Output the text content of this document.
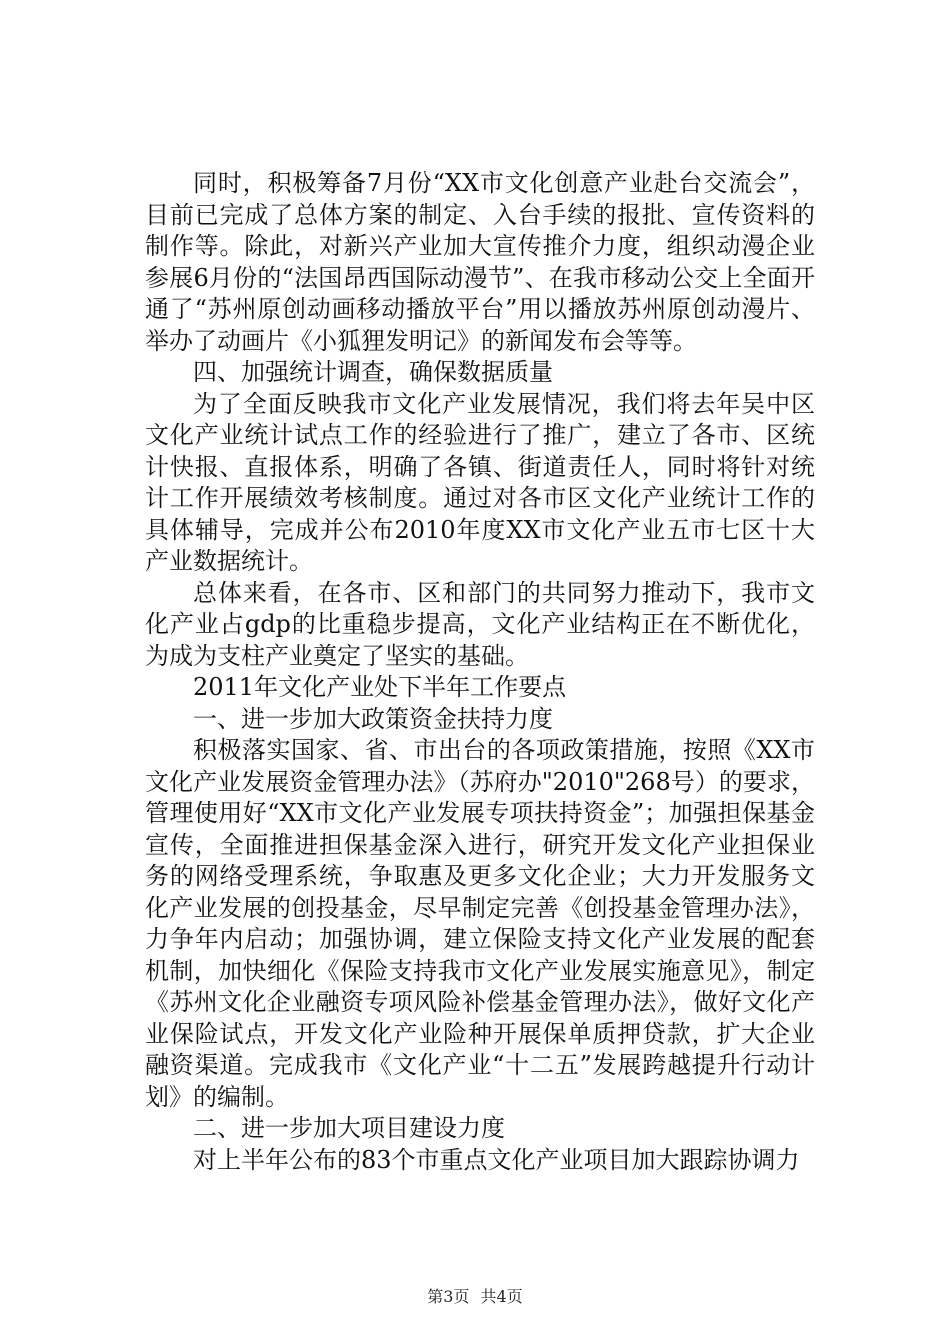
同时，积极筹备7月份“XX市文化创意产业赴台交流会”，目前已完成了总体方案的制定、入台手续的报批、宣传资料的制作等。除此，对新兴产业加大宣传推介力度，组织动漫企业参展6月份的“法国昂西国际动漫节”、在我市移动公交上全面开通了“苏州原创动画移动播放平台”用以播放苏州原创动漫片、举办了动画片《小狐狸发明记》的新闻发布会等等。

四、加强统计调查，确保数据质量

为了全面反映我市文化产业发展情况，我们将去年吴中区文化产业统计试点工作的经验进行了推广，建立了各市、区统计快报、直报体系，明确了各镇、街道责任人，同时将针对统计工作开展绩效考核制度。通过对各市区文化产业统计工作的具体辅导，完成并公布2010年度XX市文化产业五市七区十大产业数据统计。

总体来看，在各市、区和部门的共同努力推动下，我市文化产业占gdp的比重稳步提高，文化产业结构正在不断优化，为成为支柱产业奠定了坚实的基础。

2011年文化产业处下半年工作要点

一、进一步加大政策资金扶持力度

积极落实国家、省、市出台的各项政策措施，按照《XX市文化产业发展资金管理办法》（苏府办"2010"268号）的要求，管理使用好“XX市文化产业发展专项扶持资金”；加强担保基金宣传，全面推进担保基金深入进行，研究开发文化产业担保业务的网络受理系统，争取惠及更多文化企业；大力开发服务文化产业发展的创投基金，尽早制定完善《创投基金管理办法》，力争年内启动；加强协调，建立保险支持文化产业发展的配套机制，加快细化《保险支持我市文化产业发展实施意见》，制定《苏州文化企业融资专项风险补偿基金管理办法》，做好文化产业保险试点，开发文化产业险种开展保单质押贷款，扩大企业融资渠道。完成我市《文化产业“十二五”发展跨越提升行动计划》的编制。

二、进一步加大项目建设力度

对上半年公布的83个市重点文化产业项目加大跟踪协调力

第3页 共4页
